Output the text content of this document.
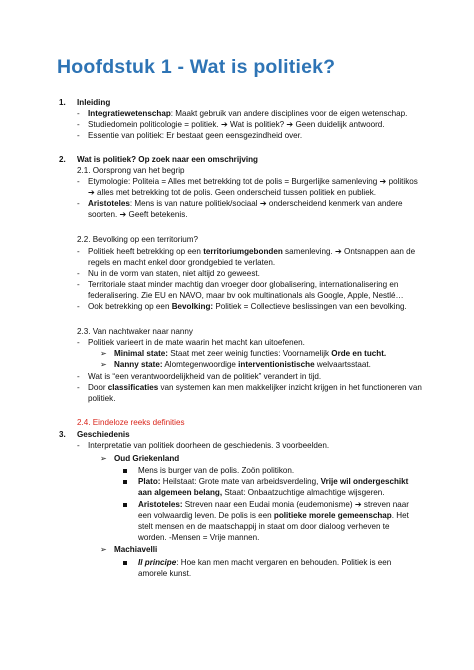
Hoofdstuk 1 - Wat is politiek?
1. Inleiding
- Integratiewetenschap: Maakt gebruik van andere disciplines voor de eigen wetenschap.
- Studiedomein politicologie = politiek. ➔ Wat is politiek? ➔ Geen duidelijk antwoord.
- Essentie van politiek: Er bestaat geen eensgezindheid over.
2. Wat is politiek? Op zoek naar een omschrijving
2.1. Oorsprong van het begrip
- Etymologie: Politeia = Alles met betrekking tot de polis = Burgerlijke samenleving ➔ politikos
➔ alles met betrekking tot de polis. Geen onderscheid tussen politiek en publiek.
- Aristoteles: Mens is van nature politiek/sociaal ➔ onderscheidend kenmerk van andere
soorten. ➔ Geeft betekenis.
2.2. Bevolking op een territorium?
- Politiek heeft betrekking op een territoriumgebonden samenleving. ➔ Ontsnappen aan de
regels en macht enkel door grondgebied te verlaten.
- Nu in de vorm van staten, niet altijd zo geweest.
- Territoriale staat minder machtig dan vroeger door globalisering, internationalisering en
federalisering. Zie EU en NAVO, maar bv ook multinationals als Google, Apple, Nestlé…
- Ook betrekking op een Bevolking: Politiek = Collectieve beslissingen van een bevolking.
2.3. Van nachtwaker naar nanny
- Politiek varieert in de mate waarin het macht kan uitoefenen.
➢ Minimal state: Staat met zeer weinig functies: Voornamelijk Orde en tucht.
➢ Nanny state: Alomtegenwoordige interventionistische welvaartsstaat.
- Wat is “een verantwoordelijkheid van de politiek” verandert in tijd.
- Door classificaties van systemen kan men makkelijker inzicht krijgen in het functioneren van
politiek.
2.4. Eindeloze reeks definities
3. Geschiedenis
- Interpretatie van politiek doorheen de geschiedenis. 3 voorbeelden.
➢ Oud Griekenland
Mens is burger van de polis. Zoön politikon.
Plato: Heilstaat: Grote mate van arbeidsverdeling, Vrije wil ondergeschikt
aan algemeen belang, Staat: Onbaatzuchtige almachtige wijsgeren.
Aristoteles: Streven naar een Eudai monia (eudemonisme) ➔ streven naar
een volwaardig leven. De polis is een politieke morele gemeenschap. Het
stelt mensen en de maatschappij in staat om door dialoog verheven te
worden. -Mensen = Vrije mannen.
➢ Machiavelli
Il principe: Hoe kan men macht vergaren en behouden. Politiek is een
amorele kunst.
